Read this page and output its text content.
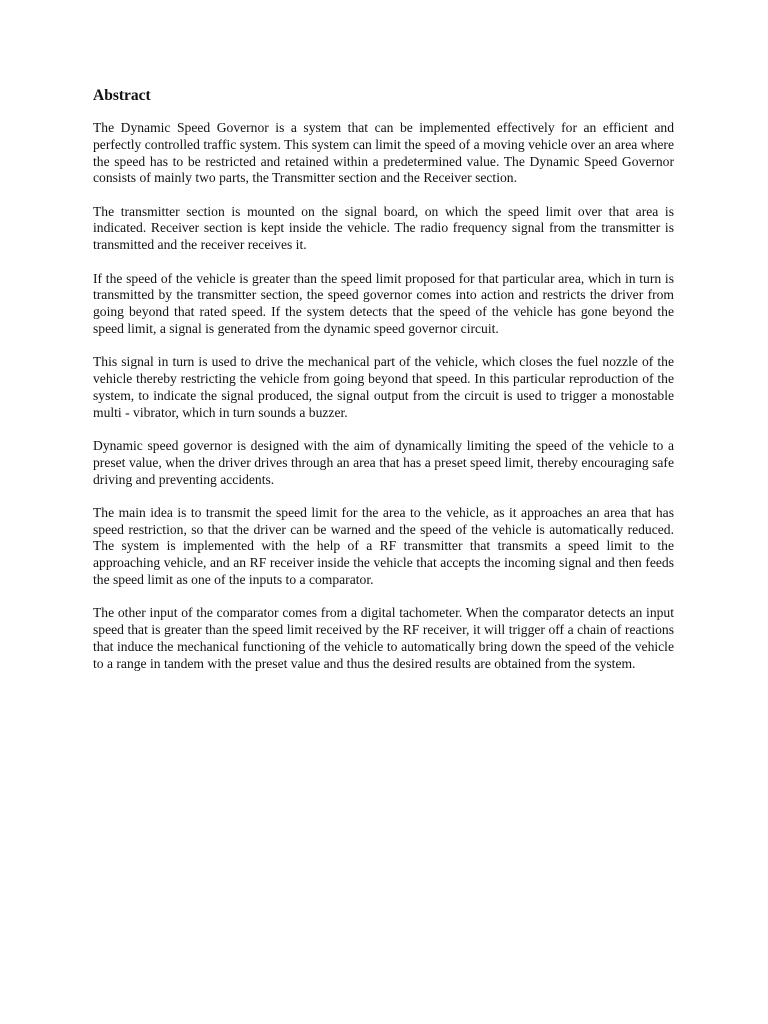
Abstract

The Dynamic Speed Governor is a system that can be implemented effectively for an efficient and perfectly controlled traffic system. This system can limit the speed of a moving vehicle over an area where the speed has to be restricted and retained within a predetermined value. The Dynamic Speed Governor consists of mainly two parts, the Transmitter section and the Receiver section.

The transmitter section is mounted on the signal board, on which the speed limit over that area is indicated. Receiver section is kept inside the vehicle. The radio frequency signal from the transmitter is transmitted and the receiver receives it.

If the speed of the vehicle is greater than the speed limit proposed for that particular area, which in turn is transmitted by the transmitter section, the speed governor comes into action and restricts the driver from going beyond that rated speed. If the system detects that the speed of the vehicle has gone beyond the speed limit, a signal is generated from the dynamic speed governor circuit.

This signal in turn is used to drive the mechanical part of the vehicle, which closes the fuel nozzle of the vehicle thereby restricting the vehicle from going beyond that speed. In this particular reproduction of the system, to indicate the signal produced, the signal output from the circuit is used to trigger a monostable multi - vibrator, which in turn sounds a buzzer.

Dynamic speed governor is designed with the aim of dynamically limiting the speed of the vehicle to a preset value, when the driver drives through an area that has a preset speed limit, thereby encouraging safe driving and preventing accidents.

The main idea is to transmit the speed limit for the area to the vehicle, as it approaches an area that has speed restriction, so that the driver can be warned and the speed of the vehicle is automatically reduced. The system is implemented with the help of a RF transmitter that transmits a speed limit to the approaching vehicle, and an RF receiver inside the vehicle that accepts the incoming signal and then feeds the speed limit as one of the inputs to a comparator.

The other input of the comparator comes from a digital tachometer. When the comparator detects an input speed that is greater than the speed limit received by the RF receiver, it will trigger off a chain of reactions that induce the mechanical functioning of the vehicle to automatically bring down the speed of the vehicle to a range in tandem with the preset value and thus the desired results are obtained from the system.
